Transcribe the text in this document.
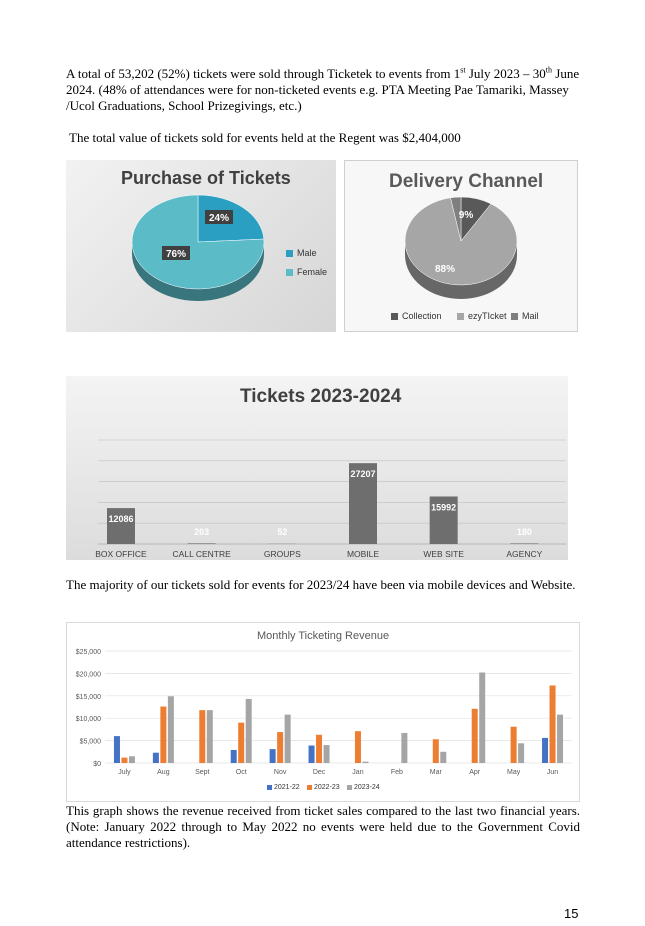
A total of 53,202 (52%) tickets were sold through Ticketek to events from 1st July 2023 – 30th June 2024. (48% of attendances were for non-ticketed events e.g. PTA Meeting Pae Tamariki, Massey /Ucol Graduations, School Prizegivings, etc.)
The total value of tickets sold for events held at the Regent was $2,404,000
Purchase of Tickets
24%
76%	Male
Female
Delivery Channel
9%
88%
Collection	ezyTIcket Mail
Tickets 2023-2024
12086
BOX OFFICE
203
CALL CENTRE
52
GROUPS
27207
MOBILE
15992
WEB SITE
180
AGENCY
The majority of our tickets sold for events for 2023/24 have been via mobile devices and Website.
Monthly Ticketing Revenue
$0
$5,000
$10,000
$15,000
$20,000
$25,000
July	Aug	Sept	Oct	Nov	Dec	Jan	Feb	Mar	Apr	May	Jun
2021-22 2022-23 2023-24
This graph shows the revenue received from ticket sales compared to the last two financial years. (Note: January 2022 through to May 2022 no events were held due to the Government Covid attendance restrictions).
15
